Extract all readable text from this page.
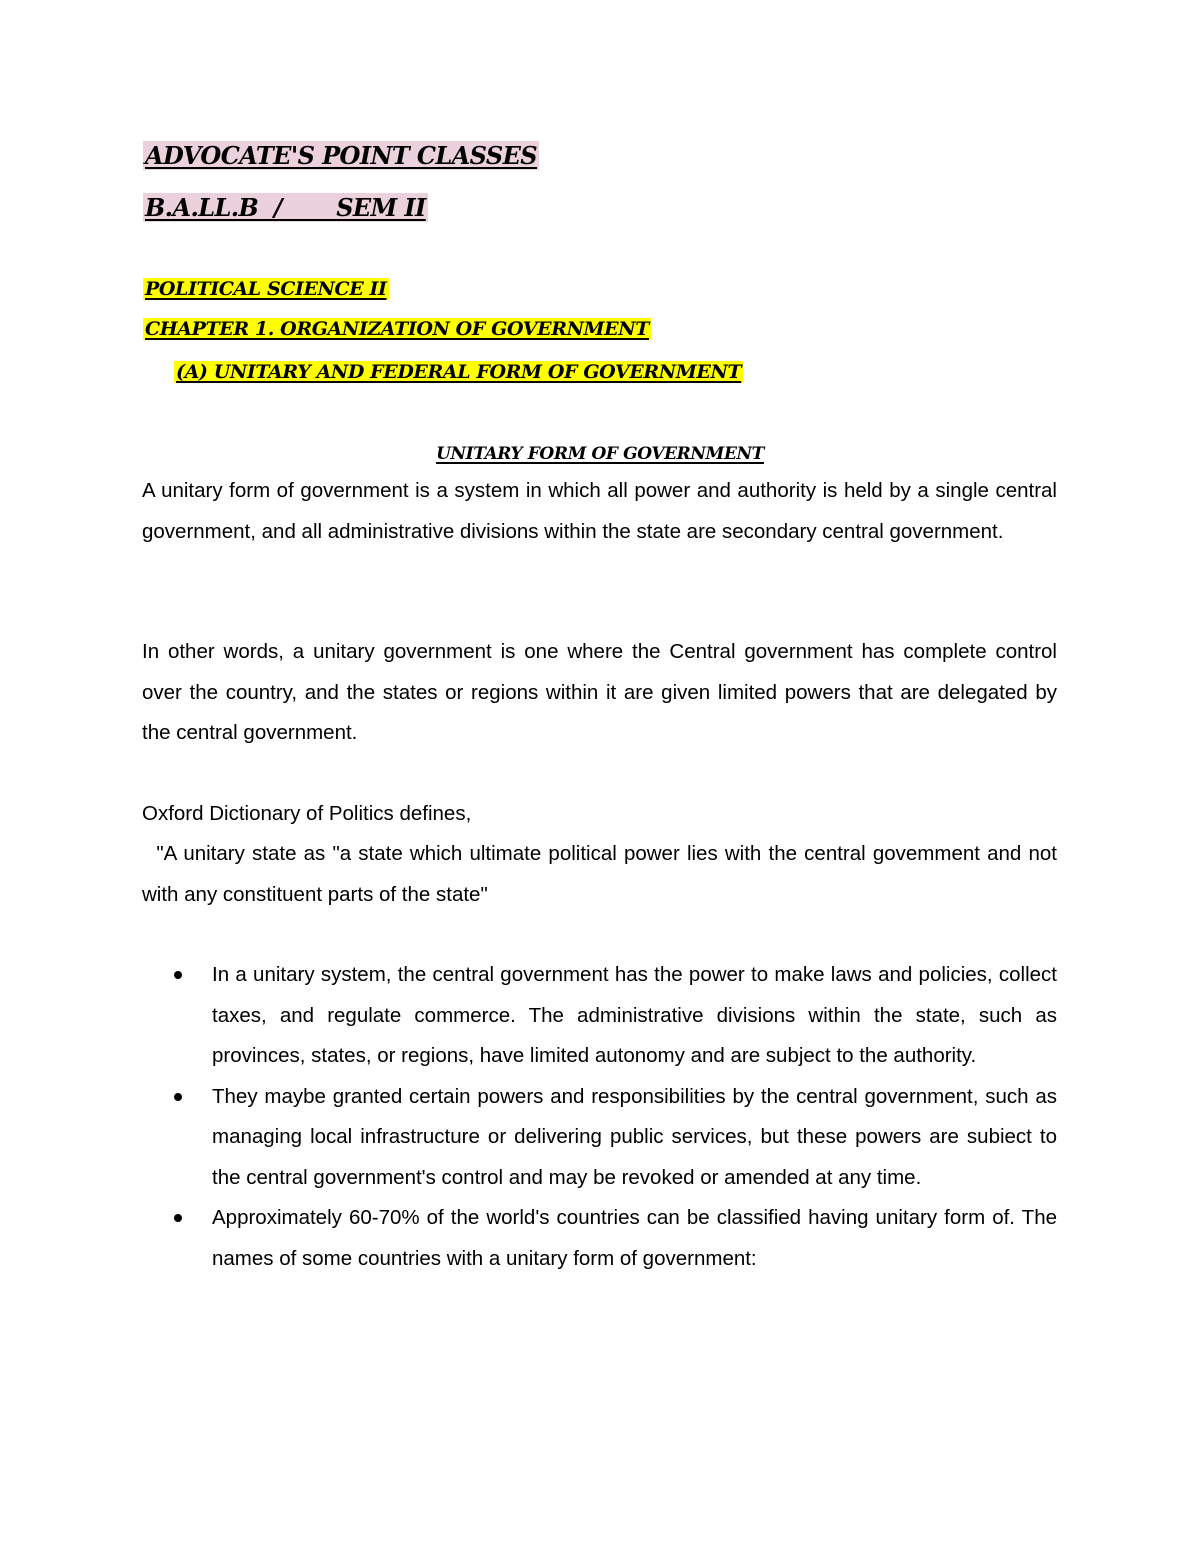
ADVOCATE'S POINT CLASSES
B.A.LL.B / SEM II
POLITICAL SCIENCE II
CHAPTER 1. ORGANIZATION OF GOVERNMENT
(A) UNITARY AND FEDERAL FORM OF GOVERNMENT
UNITARY FORM OF GOVERNMENT

A unitary form of government is a system in which all power and authority is held by a single central government, and all administrative divisions within the state are secondary central government.

In other words, a unitary government is one where the Central government has complete control over the country, and the states or regions within it are given limited powers that are delegated by the central government.

Oxford Dictionary of Politics defines,

"A unitary state as "a state which ultimate political power lies with the central govemment and not with any constituent parts of the state"

In a unitary system, the central government has the power to make laws and policies, collect taxes, and regulate commerce. The administrative divisions within the state, such as provinces, states, or regions, have limited autonomy and are subject to the authority.
They maybe granted certain powers and responsibilities by the central government, such as managing local infrastructure or delivering public services, but these powers are subiect to the central government's control and may be revoked or amended at any time.
Approximately 60-70% of the world's countries can be classified having unitary form of. The names of some countries with a unitary form of government:
